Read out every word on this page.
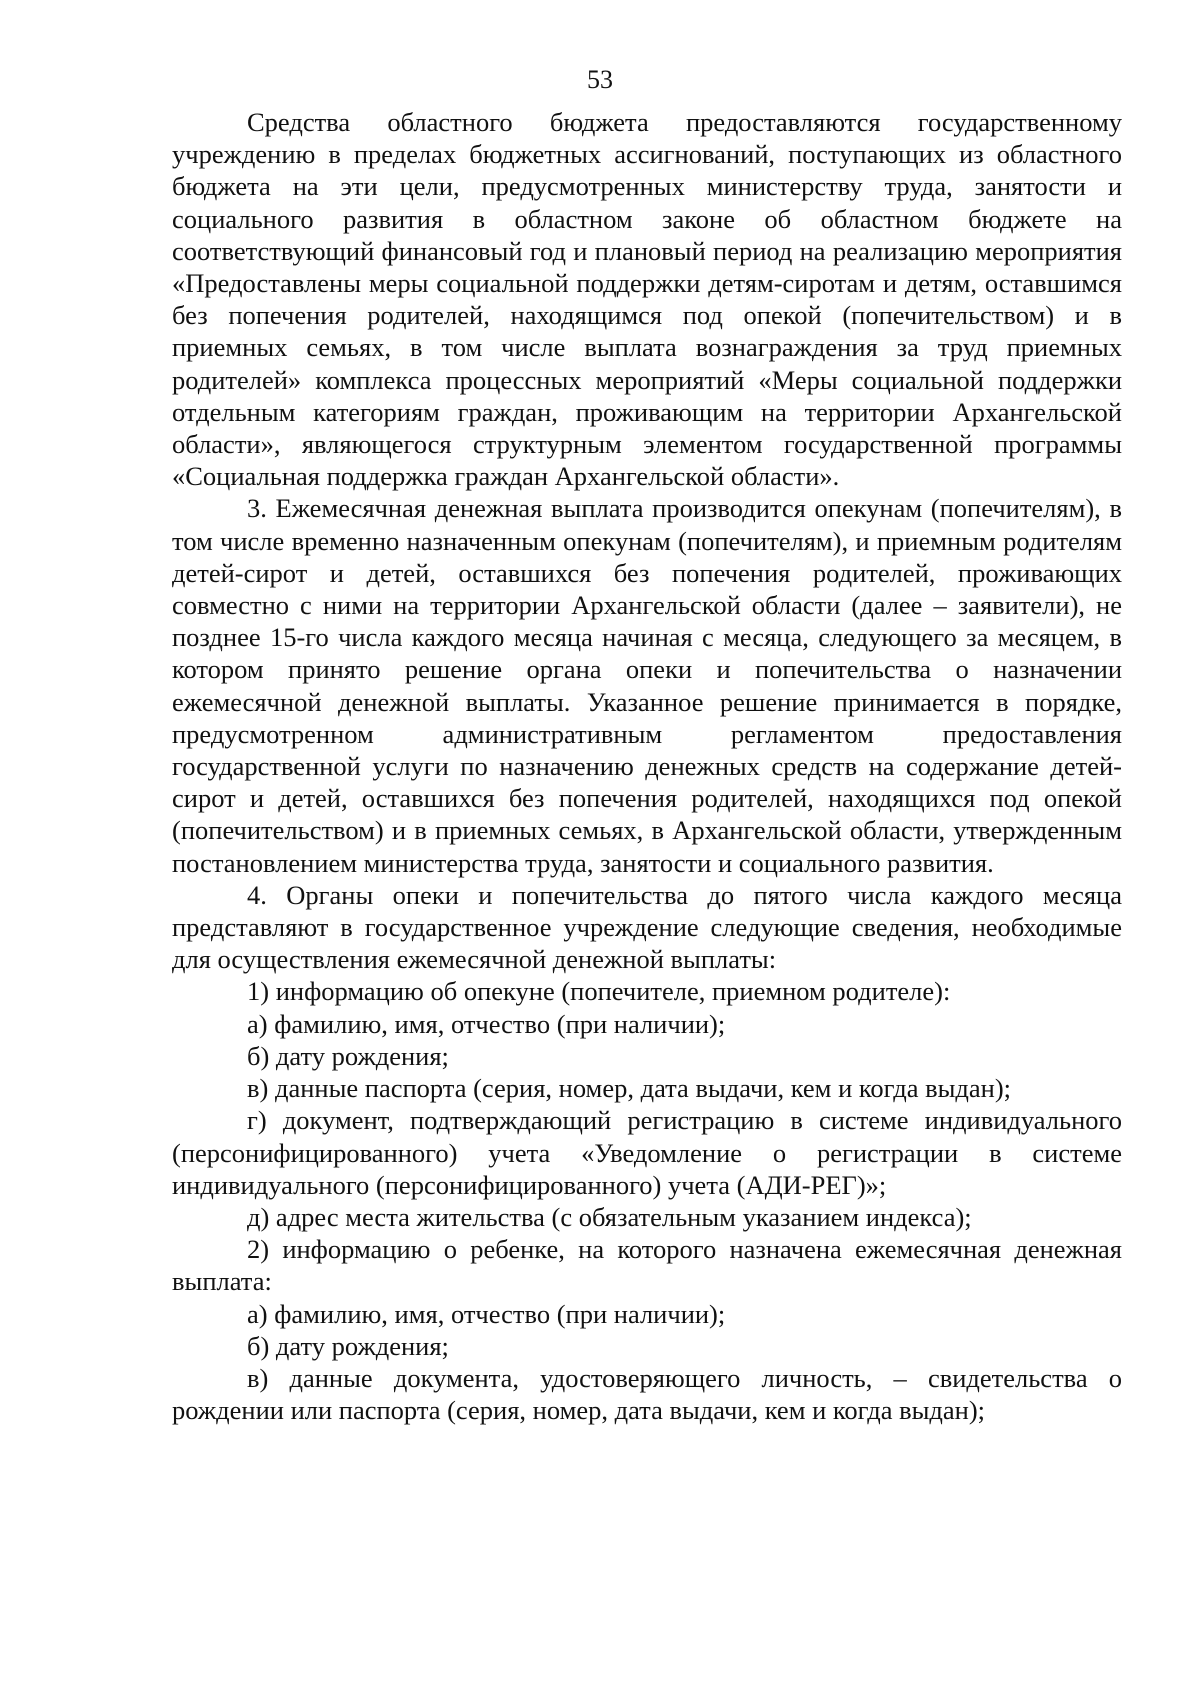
53

Средства областного бюджета предоставляются государственному учреждению в пределах бюджетных ассигнований, поступающих из областного бюджета на эти цели, предусмотренных министерству труда, занятости и социального развития в областном законе об областном бюджете на соответствующий финансовый год и плановый период на реализацию мероприятия «Предоставлены меры социальной поддержки детям-сиротам и детям, оставшимся без попечения родителей, находящимся под опекой (попечительством) и в приемных семьях, в том числе выплата вознаграждения за труд приемных родителей» комплекса процессных мероприятий «Меры социальной поддержки отдельным категориям граждан, проживающим на территории Архангельской области», являющегося структурным элементом государственной программы «Социальная поддержка граждан Архангельской области».

3. Ежемесячная денежная выплата производится опекунам (попечителям), в том числе временно назначенным опекунам (попечителям), и приемным родителям детей-сирот и детей, оставшихся без попечения родителей, проживающих совместно с ними на территории Архангельской области (далее – заявители), не позднее 15-го числа каждого месяца начиная с месяца, следующего за месяцем, в котором принято решение органа опеки и попечительства о назначении ежемесячной денежной выплаты. Указанное решение принимается в порядке, предусмотренном административным регламентом предоставления государственной услуги по назначению денежных средств на содержание детей-сирот и детей, оставшихся без попечения родителей, находящихся под опекой (попечительством) и в приемных семьях, в Архангельской области, утвержденным постановлением министерства труда, занятости и социального развития.

4. Органы опеки и попечительства до пятого числа каждого месяца представляют в государственное учреждение следующие сведения, необходимые для осуществления ежемесячной денежной выплаты:

1) информацию об опекуне (попечителе, приемном родителе):

а) фамилию, имя, отчество (при наличии);

б) дату рождения;

в) данные паспорта (серия, номер, дата выдачи, кем и когда выдан);

г) документ, подтверждающий регистрацию в системе индивидуального (персонифицированного) учета «Уведомление о регистрации в системе индивидуального (персонифицированного) учета (АДИ-РЕГ)»;

д) адрес места жительства (с обязательным указанием индекса);

2) информацию о ребенке, на которого назначена ежемесячная денежная выплата:

а) фамилию, имя, отчество (при наличии);

б) дату рождения;

в) данные документа, удостоверяющего личность, – свидетельства о рождении или паспорта (серия, номер, дата выдачи, кем и когда выдан);
